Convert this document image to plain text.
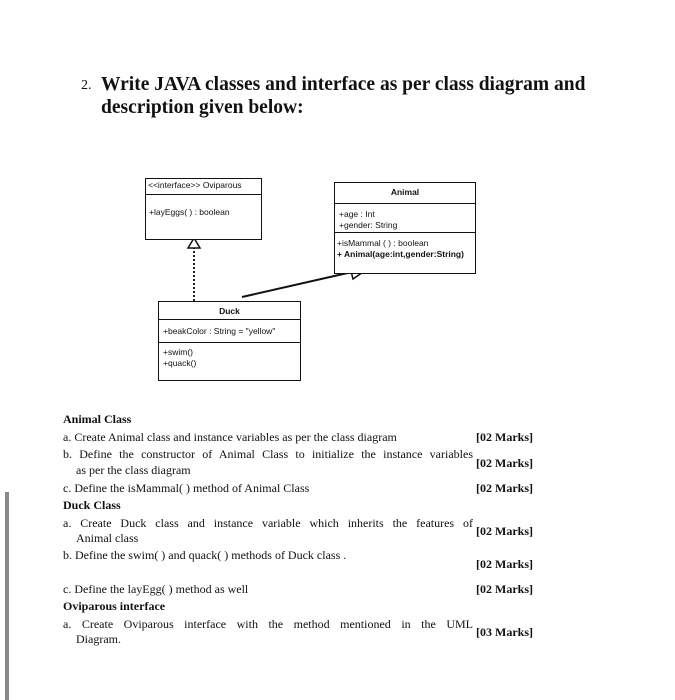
2. Write JAVA classes and interface as per class diagram and description given below:
<<interface>> Oviparous
+layEggs( ) : boolean
Animal
+age : Int
+gender: String
+isMammal ( ) : boolean
+ Animal(age:int,gender:String)
Duck
+beakColor : String = "yellow"
+swim()
+quack()
Animal Class
a. Create Animal class and instance variables as per the class diagram	[02 Marks]
b. Define the constructor of Animal Class to initialize the instance variables
as per the class diagram	[02 Marks]
c. Define the isMammal( ) method of Animal Class	[02 Marks]
Duck Class
a. Create Duck class and instance variable which inherits the features of
Animal class	[02 Marks]
b. Define the swim( ) and quack( ) methods of Duck class .
[02 Marks]
c. Define the layEgg( ) method as well	[02 Marks]
Oviparous interface
a. Create Oviparous interface with the method mentioned in the UML
Diagram.	[03 Marks]
